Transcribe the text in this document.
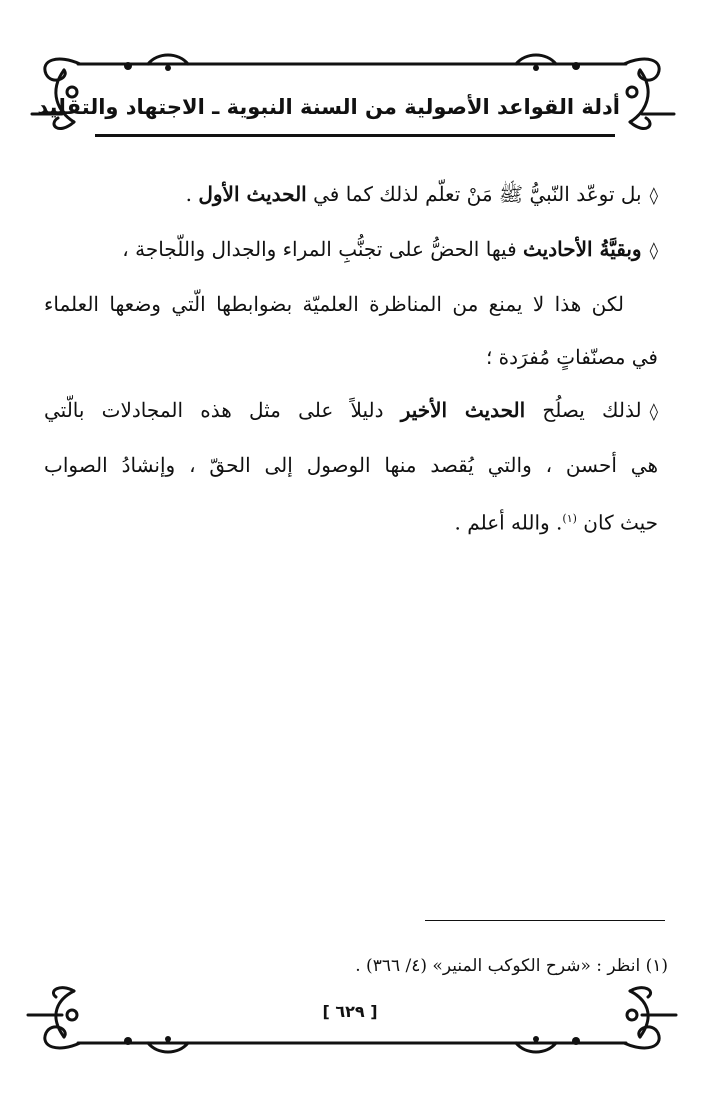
أدلة القواعد الأصولية من السنة النبوية ـ الاجتهاد والتقليد
◊بل توعّد النّبيُّ ﷺ مَنْ تعلّم لذلك كما في الحديث الأول .
◊وبقيَّةُ الأحاديث فيها الحضُّ على تجنُّبِ المراء والجدال واللّجاجة ،
لكن هذا لا يمنع من المناظرة العلميّة بضوابطها الّتي وضعها العلماء
في مصنّفاتٍ مُفرَدة ؛
◊لذلك يصلُح الحديث الأخير دليلاً على مثل هذه المجادلات بالّتي
هي أحسن ، والتي يُقصد منها الوصول إلى الحقّ ، وإنشادُ الصواب
حيث كان $^{(١)}$. والله أعلم .
(١) انظر : «شرح الكوكب المنير» (٤/ ٣٦٦) .
[ ٦٢٩ ]
